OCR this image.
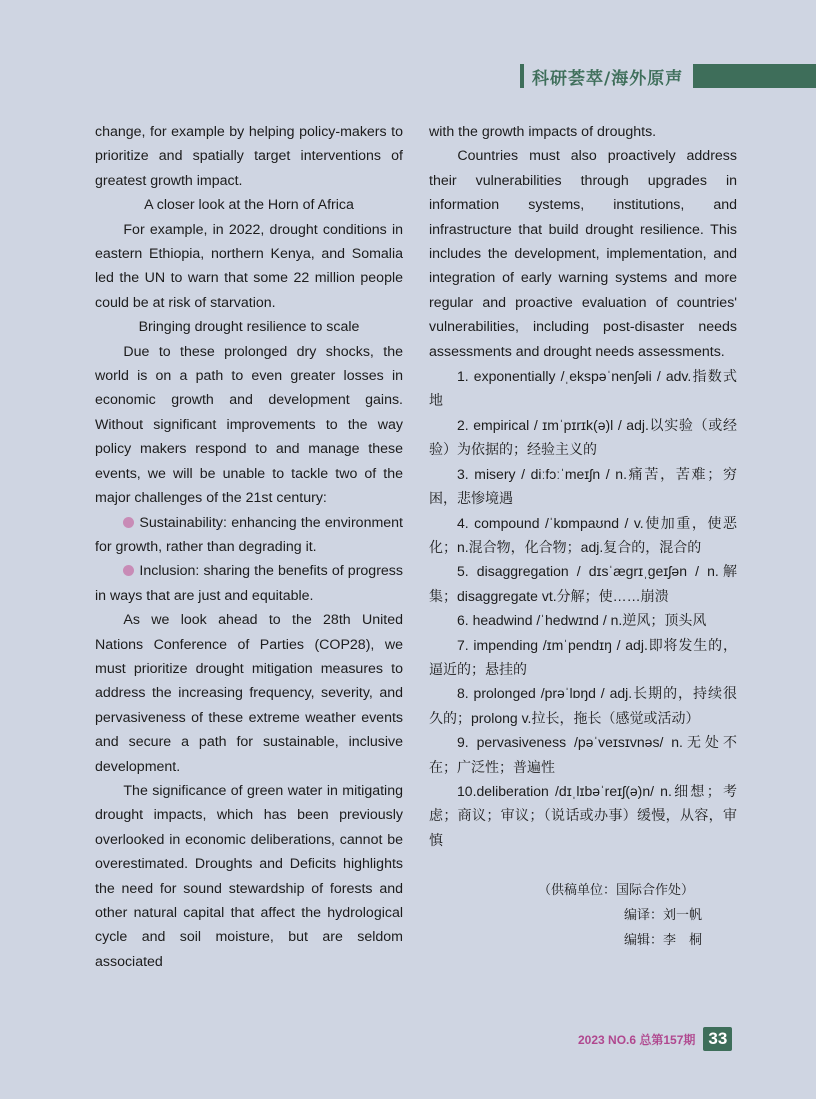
科研荟萃/海外原声

change, for example by helping policy-makers to prioritize and spatially target interventions of greatest growth impact.

A closer look at the Horn of Africa

For example, in 2022, drought conditions in eastern Ethiopia, northern Kenya, and Somalia led the UN to warn that some 22 million people could be at risk of starvation.

Bringing drought resilience to scale

Due to these prolonged dry shocks, the world is on a path to even greater losses in economic growth and development gains. Without significant improvements to the way policy makers respond to and manage these events, we will be unable to tackle two of the major challenges of the 21st century:

Sustainability: enhancing the environment for growth, rather than degrading it.

Inclusion: sharing the benefits of progress in ways that are just and equitable.

As we look ahead to the 28th United Nations Conference of Parties (COP28), we must prioritize drought mitigation measures to address the increasing frequency, severity, and pervasiveness of these extreme weather events and secure a path for sustainable, inclusive development.

The significance of green water in mitigating drought impacts, which has been previously overlooked in economic deliberations, cannot be overestimated. Droughts and Deficits highlights the need for sound stewardship of forests and other natural capital that affect the hydrological cycle and soil moisture, but are seldom associated

with the growth impacts of droughts.

Countries must also proactively address their vulnerabilities through upgrades in information systems, institutions, and infrastructure that build drought resilience. This includes the development, implementation, and integration of early warning systems and more regular and proactive evaluation of countries' vulnerabilities, including post-disaster needs assessments and drought needs assessments.

1. exponentially /ˌekspəˈnenʃəli / adv.指数式地

2. empirical / ɪmˈpɪrɪk(ə)l / adj.以实验（或经验）为依据的；经验主义的

3. misery / diːfɔːˈmeɪʃn / n.痛苦，苦难；穷困，悲惨境遇

4. compound /ˈkɒmpaʊnd / v.使加重，使恶化；n.混合物，化合物；adj.复合的，混合的

5. disaggregation / dɪsˈægrɪˌgeɪʃən / n.解集；disaggregate vt.分解；使……崩溃

6. headwind /ˈhedwɪnd / n.逆风；顶头风

7. impending /ɪmˈpendɪŋ / adj.即将发生的，逼近的；悬挂的

8. prolonged /prəˈlɒŋd / adj.长期的，持续很久的；prolong v.拉长，拖长（感觉或活动）

9. pervasiveness /pəˈveɪsɪvnəs/ n.无处不在；广泛性；普遍性

10.deliberation /dɪˌlɪbəˈreɪʃ(ə)n/ n.细想；考虑；商议；审议；（说话或办事）缓慢，从容，审慎

（供稿单位：国际合作处）
编译：刘一帆
编辑：李　桐
2023 NO.6 总第157期 33
